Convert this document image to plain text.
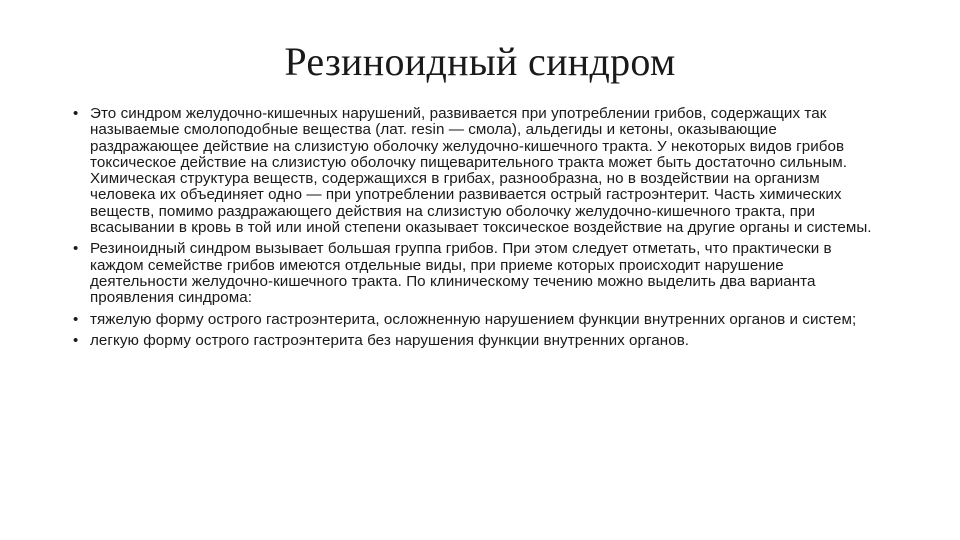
Резиноидный синдром
• Это синдром желудочно-кишечных нарушений, развивается при употреблении грибов, содержащих так называемые смолоподобные вещества (лат. resin — смола), альдегиды и кетоны, оказывающие раздражающее действие на слизистую оболочку желудочно-кишечного тракта. У некоторых видов грибов токсическое действие на слизистую оболочку пищеварительного тракта может быть достаточно сильным. Химическая структура веществ, содержащихся в грибах, разнообразна, но в воздействии на организм человека их объединяет одно — при употреблении развивается острый гастроэнтерит. Часть химических веществ, помимо раздражающего действия на слизистую оболочку желудочно-кишечного тракта, при всасывании в кровь в той или иной степени оказывает токсическое воздействие на другие органы и системы.
• Резиноидный синдром вызывает большая группа грибов. При этом следует отметать, что практически в каждом семействе грибов имеются отдельные виды, при приеме которых происходит нарушение деятельности желудочно-кишечного тракта. По клиническому течению можно выделить два варианта проявления синдрома:
• тяжелую форму острого гастроэнтерита, осложненную нарушением функции внутренних органов и систем;
• легкую форму острого гастроэнтерита без нарушения функции внутренних органов.
